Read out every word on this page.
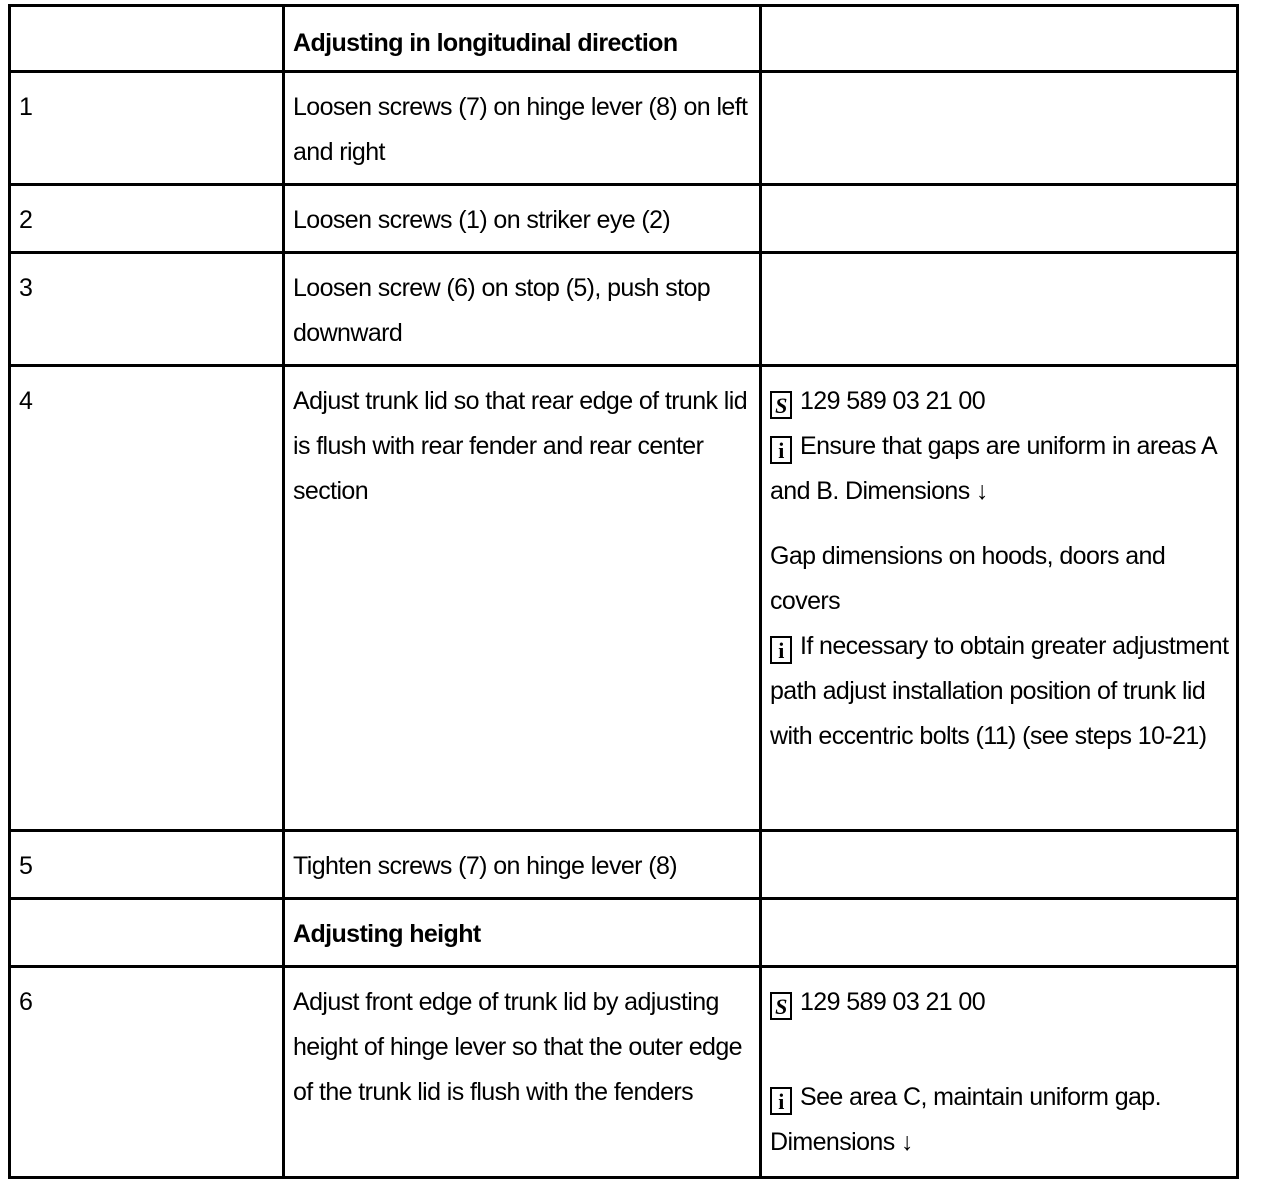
	Adjusting in longitudinal direction	
1	Loosen screws (7) on hinge lever (8) on left and right	
2	Loosen screws (1) on striker eye (2)	
3	Loosen screw (6) on stop (5), push stop downward	
4	Adjust trunk lid so that rear edge of trunk lid is flush with rear fender and rear center section	S 129 589 03 21 00
i Ensure that gaps are uniform in areas A and B. Dimensions ↓
Gap dimensions on hoods, doors and covers
i If necessary to obtain greater adjustment path adjust installation position of trunk lid with eccentric bolts (11) (see steps 10-21)

5	Tighten screws (7) on hinge lever (8)	
	Adjusting height	
6	Adjust front edge of trunk lid by adjusting height of hinge lever so that the outer edge of the trunk lid is flush with the fenders	S 129 589 03 21 00
i See area C, maintain uniform gap. Dimensions ↓
